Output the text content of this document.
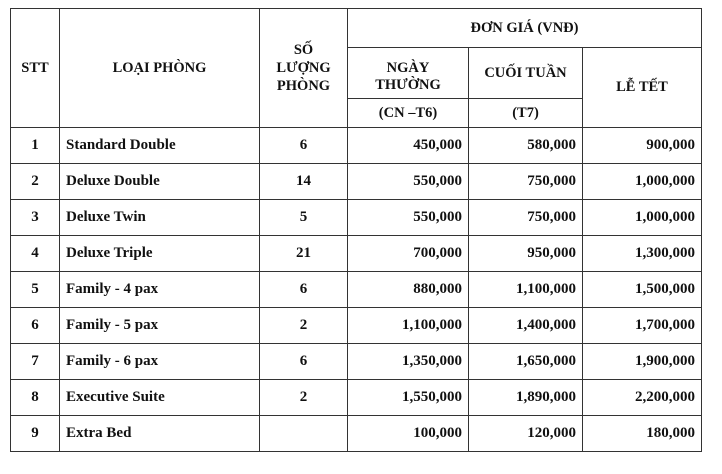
STT	LOẠI PHÒNG	SỐ LƯỢNG PHÒNG	ĐƠN GIÁ (VNĐ)		
			NGÀY THƯỜNG	CUỐI TUẦN	LỄ TẾT
			(CN –T6)	(T7)	
1	Standard Double	6	450,000	580,000	900,000
2	Deluxe Double	14	550,000	750,000	1,000,000
3	Deluxe Twin	5	550,000	750,000	1,000,000
4	Deluxe Triple	21	700,000	950,000	1,300,000
5	Family - 4 pax	6	880,000	1,100,000	1,500,000
6	Family - 5 pax	2	1,100,000	1,400,000	1,700,000
7	Family - 6 pax	6	1,350,000	1,650,000	1,900,000
8	Executive Suite	2	1,550,000	1,890,000	2,200,000
9	Extra Bed		100,000	120,000	180,000
